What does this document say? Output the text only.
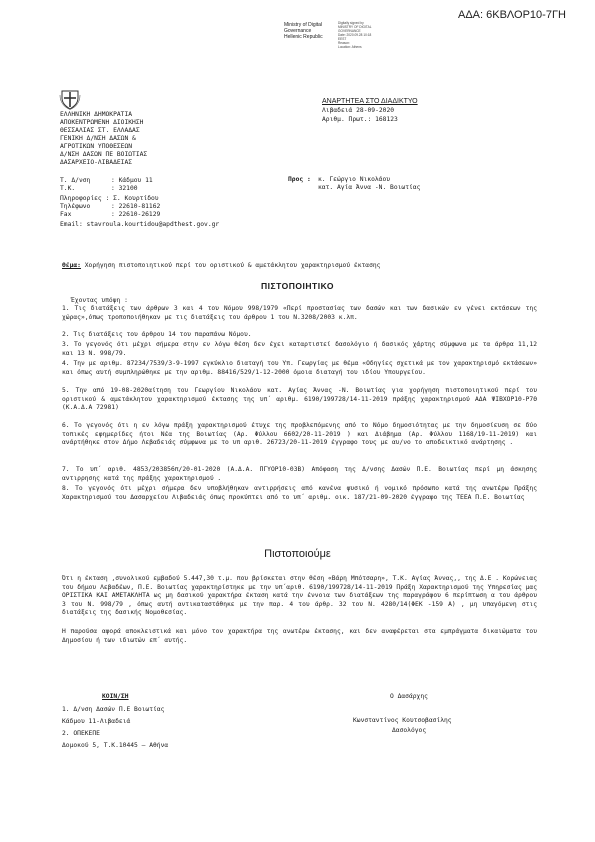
ΑΔΑ: 6ΚΒΛΟΡ10-7ΓΗ
Ministry of Digital
Governance
Hellenic Republic
Digitally signed by
MINISTRY OF DIGITAL
GOVERNANCE
Date: 2020.09.28 10:18
EEST
Reason:
Location: Athens
ΑΝΑΡΤΗΤΕΑ ΣΤΟ ΔΙΑΔΙΚΤΥΟ
Λιβαδειά 28-09-2020
Αριθμ. Πρωτ.: 168123
ΕΛΛΗΝΙΚΗ ΔΗΜΟΚΡΑΤΙΑ
ΑΠΟΚΕΝΤΡΩΜΕΝΗ ΔΙΟΙΚΗΣΗ
ΘΕΣΣΑΛΙΑΣ ΣΤ. ΕΛΛΑΔΑΣ
ΓΕΝΙΚΗ Δ/ΝΣΗ ΔΑΣΩΝ &
ΑΓΡΟΤΙΚΩΝ ΥΠΟΘΕΣΕΩΝ
Δ/ΝΣΗ ΔΑΣΩΝ ΠΕ ΒΟΙΩΤΙΑΣ
ΔΑΣΑΡΧΕΙΟ-ΛΙΒΑΔΕΙΑΣ
Τ. Δ/νση	: Κάδμου 11
Τ.Κ.	: 32100
Πληροφορίες : Σ. Κουρτίδου
Τηλέφωνο	: 22610-81162
Fax	: 22610-26129
Email: stavroula.kourtidou@apdthest.gov.gr
Προς : κ. Γεώργιο Νικολάου
κατ. Αγία Άννα -Ν. Βοιωτίας
Θέμα: Χορήγηση πιστοποιητικού περί του οριστικού & αμετάκλητου χαρακτηρισμού έκτασης
ΠΙΣΤΟΠΟΙΗΤΙΚΟ
Έχοντας υπόψη :
1. Τις διατάξεις των άρθρων 3 και 4 του Νόμου 998/1979 «Περί προστασίας των δασών και των δασικών εν γένει εκτάσεων της χώρας»,όπως τροποποιήθηκαν με τις διατάξεις του άρθρου 1 του Ν.3208/2003 κ.λπ.
2. Τις διατάξεις του άρθρου 14 του παραπάνω Νόμου.
3. Το γεγονός ότι μέχρι σήμερα στην εν λόγω θέση δεν έχει καταρτιστεί δασολόγιο ή δασικός χάρτης σύμφωνα με τα άρθρα 11,12 και 13 Ν. 998/79.
4. Την με αριθμ. 87234/7539/3-9-1997 εγκύκλιο διαταγή του Υπ. Γεωργίας με θέμα «Οδηγίες σχετικά με τον χαρακτηρισμό εκτάσεων» και όπως αυτή συμπληρώθηκε με την αριθμ. 88416/529/1-12-2000 όμοια διαταγή του ιδίου Υπουργείου.
5. Την από 19-08-2020αίτηση του Γεωργίου Νικολάου κατ. Αγίας Άννας -Ν. Βοιωτίας για χορήγηση πιστοποιητικού περί του οριστικού & αμετάκλητου χαρακτηρισμού έκτασης της υπ΄ αριθμ. 6190/199728/14-11-2019 πράξης χαρακτηρισμού ΑΔΑ ΨΙΒΧΟΡ10-Ρ7Θ (Κ.Α.Δ.Α 72981)
6. Το γεγονός ότι η εν λόγω πράξη χαρακτηρισμού έτυχε της προβλεπόμενης από το Νόμο δημοσιότητας με την δημοσίευση σε δύο τοπικές εφημερίδες ήτοι Νέα της Βοιωτίας (Αρ. Φύλλου 6602/20-11-2019 ) και Διάβημα (Αρ. Φύλλου 1168/19-11-2019) και ανάρτήθηκε στον Δήμο Λεβαδειάς σύμφωνα με το υπ αριθ. 26723/20-11-2019 έγγραφο τους με αυ/νο το αποδεικτικό ανάρτησης .
7. Το υπ΄ αριθ. 4853/203856π/20-01-2020 (Α.Δ.Α. ΠΓΥΟΡ10-03Β) Απόφαση της Δ/νσης Δασών Π.Ε. Βοιωτίας περί μη άσκησης αντιρρησης κατά της πράξης χαρακτηρισμού .
8. Το γεγονός ότι μέχρι σήμερα δεν υποβλήθηκαν αντιρρήσεις από κανένα φυσικό ή νομικό πρόσωπο κατά της ανωτέρω Πράξης Χαρακτηρισμού του Δασαρχείου Λιβαδειάς όπως προκύπτει από το υπ΄ αριθμ. οικ. 187/21-09-2020 έγγραφο της ΤΕΕΑ Π.Ε. Βοιωτίας
Πιστοποιούμε
Ότι η έκταση ,συνολικού εμβαδού 5.447,30 τ.μ. που βρίσκεται στην θέση «Βάρη Μπότσαρη», Τ.Κ. Αγίας Άννας,, της Δ.Ε . Κορώνειας του δήμου Λεβαδέων, Π.Ε. Βοιωτίας χαρακτηρίστηκε με την υπ΄αριθ. 6190/199728/14-11-2019 Πράξη Χαρακτηρισμού της Υπηρεσίας μας ΟΡΙΣΤΙΚΑ ΚΑΙ ΑΜΕΤΑΚΛΗΤΑ ως μη δασικού χαρακτήρα έκταση κατά την έννοια των διατάξεων της παραγράφου 6 περίπτωση α του άρθρου 3 του Ν. 998/79 , όπως αυτή αντικαταστάθηκε με την παρ. 4 του άρθρ. 32 του Ν. 4280/14(ΦΕΚ -159 Α) , μη υπαγόμενη στις διατάξεις της δασικής Νομοθεσίας.
Η παρούσα αφορά αποκλειστικά και μόνο τον χαρακτήρα της ανωτέρω έκτασης, και δεν αναφέρεται στα εμπράγματα δικαιώματα του Δημοσίου ή των ιδιωτών επ΄ αυτής.
ΚΟΙΝ/ΣΗ
1. Δ/νση Δασών Π.Ε Βοιωτίας
Κάδμου 11-Λιβαδειά
2. ΟΠΕΚΕΠΕ
Δομοκού 5, Τ.Κ.10445 – Αθήνα
Ο Δασάρχης
Κωνσταντίνος Κουτσοβασίλης
Δασολόγος
